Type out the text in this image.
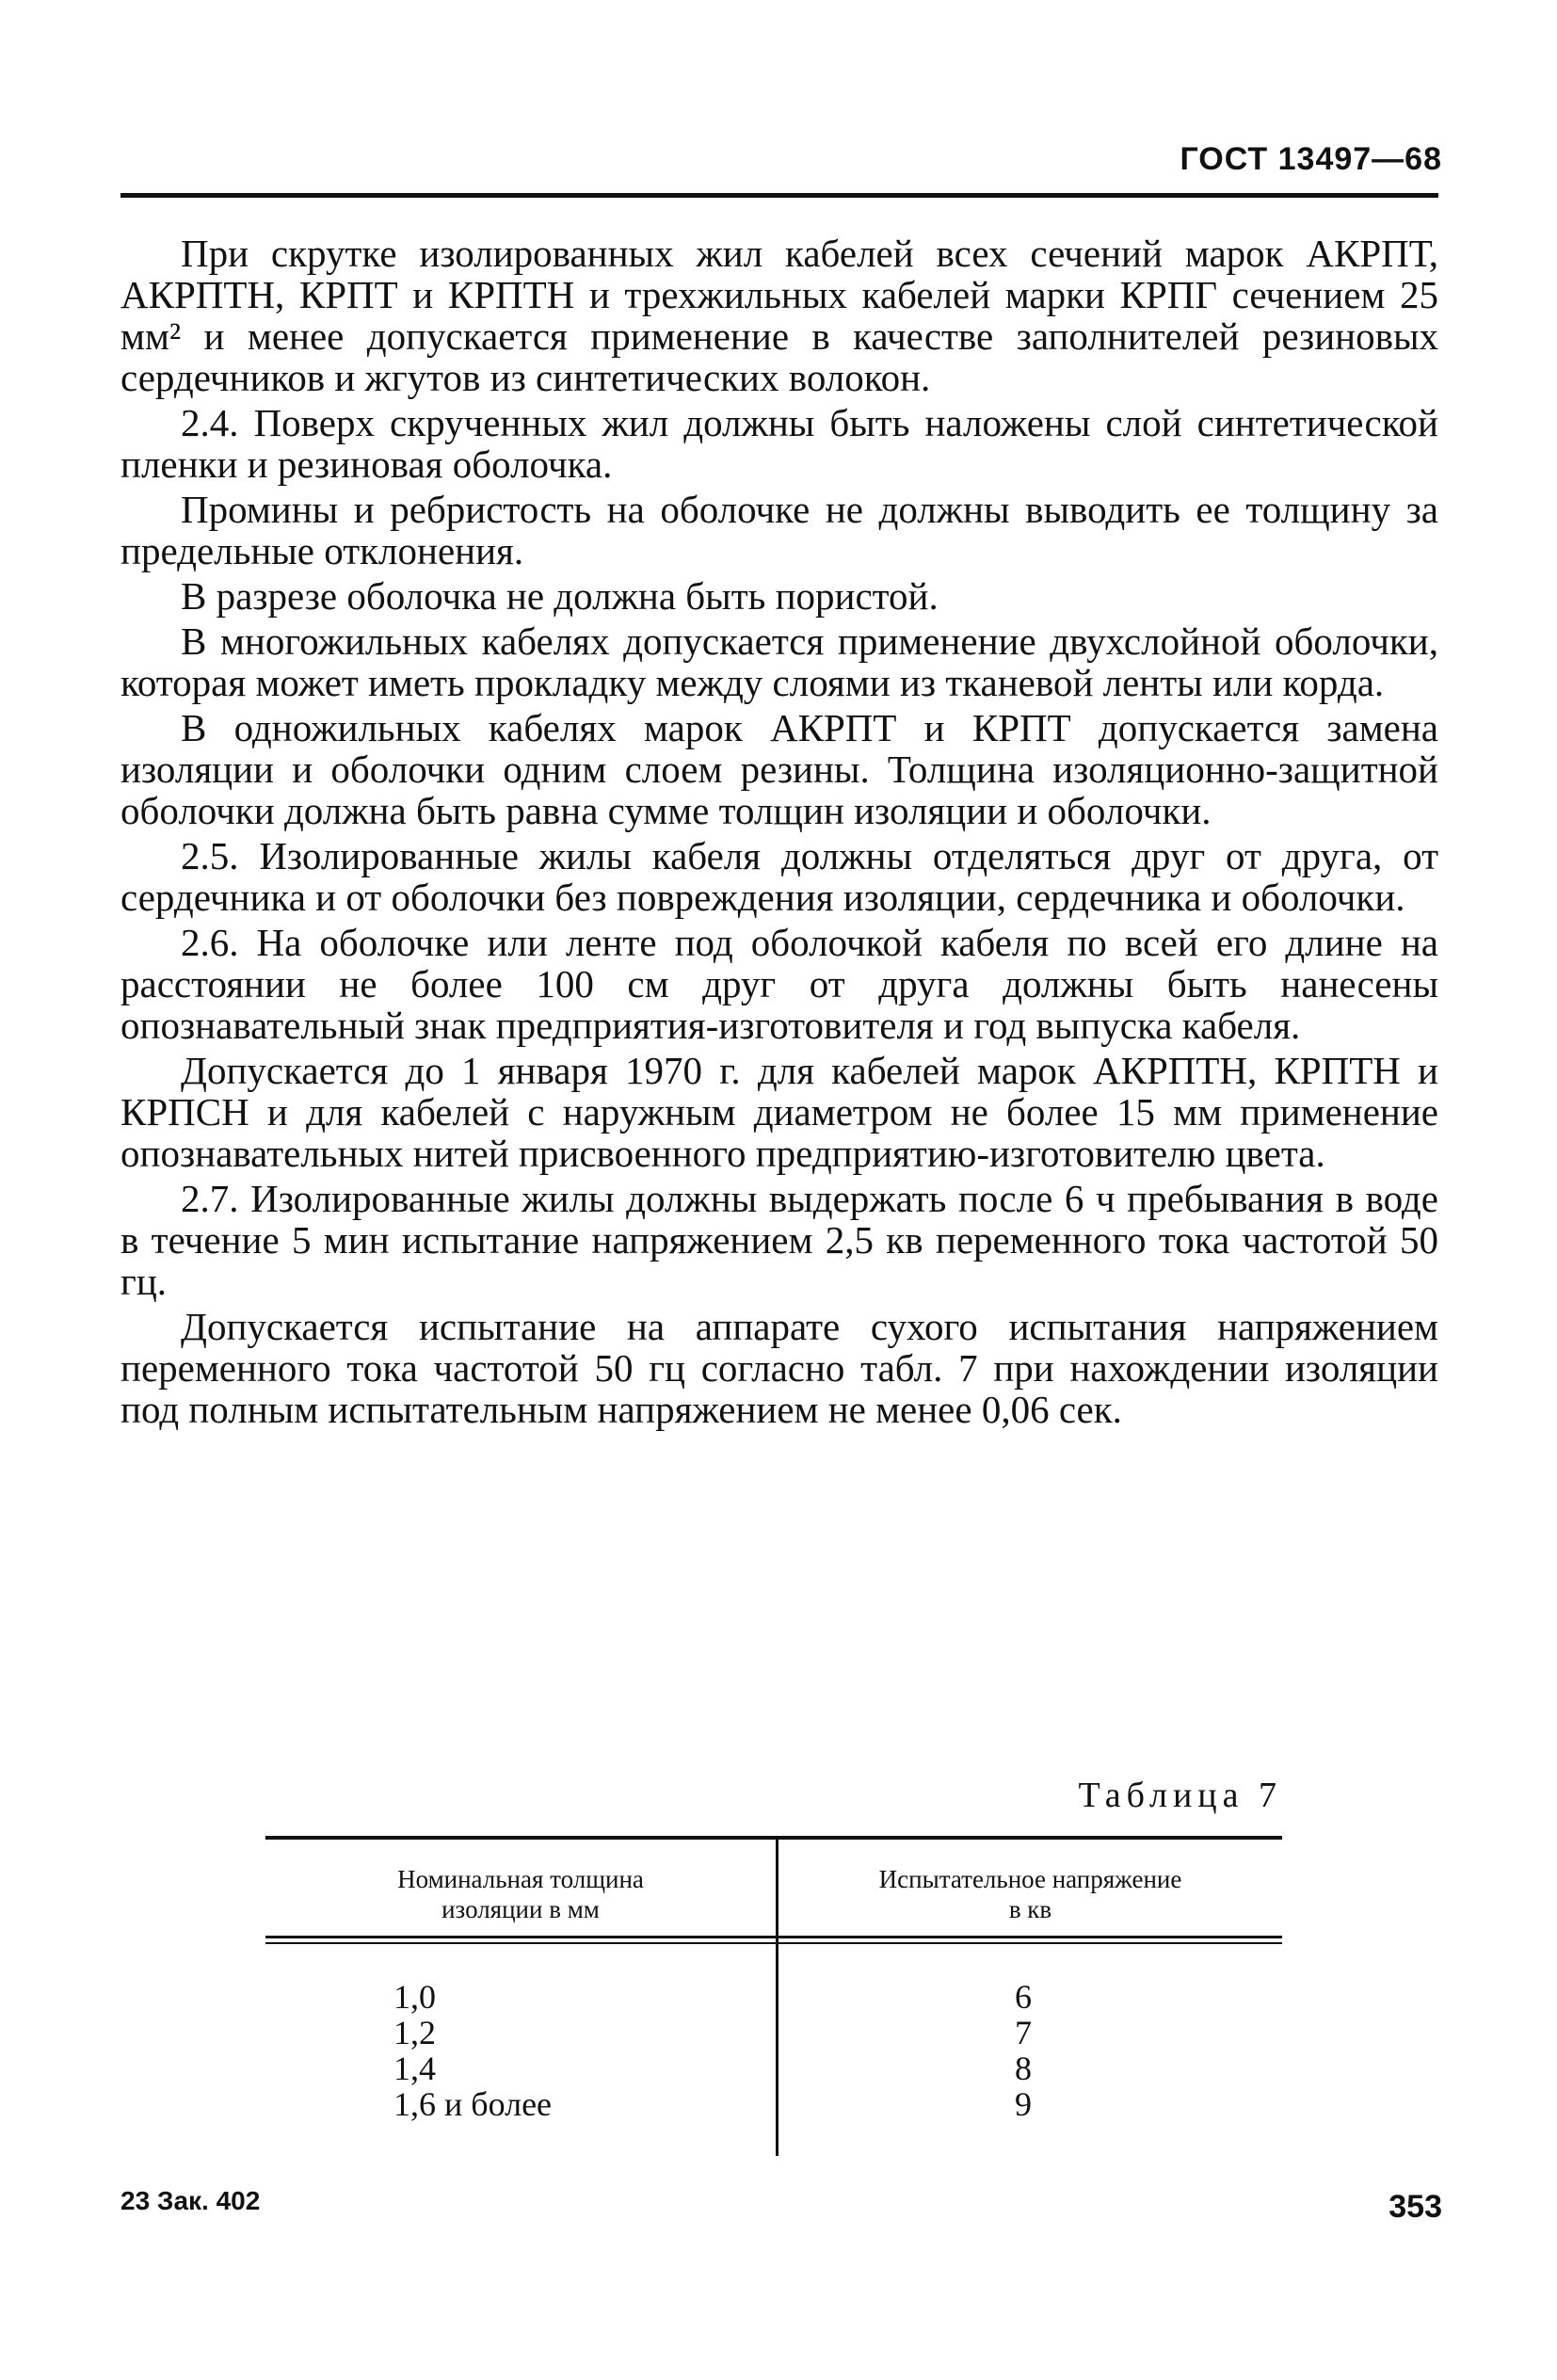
ГОСТ 13497—68

При скрутке изолированных жил кабелей всех сечений марок АКРПТ, АКРПТН, КРПТ и КРПТН и трехжильных кабелей марки КРПГ сечением 25 мм² и менее допускается применение в качестве заполнителей резиновых сердечников и жгутов из синтетических волокон.

2.4. Поверх скрученных жил должны быть наложены слой синтетической пленки и резиновая оболочка.

Промины и ребристость на оболочке не должны выводить ее толщину за предельные отклонения.

В разрезе оболочка не должна быть пористой.

В многожильных кабелях допускается применение двухслойной оболочки, которая может иметь прокладку между слоями из тканевой ленты или корда.

В одножильных кабелях марок АКРПТ и КРПТ допускается замена изоляции и оболочки одним слоем резины. Толщина изоляционно-защитной оболочки должна быть равна сумме толщин изоляции и оболочки.

2.5. Изолированные жилы кабеля должны отделяться друг от друга, от сердечника и от оболочки без повреждения изоляции, сердечника и оболочки.

2.6. На оболочке или ленте под оболочкой кабеля по всей его длине на расстоянии не более 100 см друг от друга должны быть нанесены опознавательный знак предприятия-изготовителя и год выпуска кабеля.

Допускается до 1 января 1970 г. для кабелей марок АКРПТН, КРПТН и КРПСН и для кабелей с наружным диаметром не более 15 мм применение опознавательных нитей присвоенного предприятию-изготовителю цвета.

2.7. Изолированные жилы должны выдержать после 6 ч пребывания в воде в течение 5 мин испытание напряжением 2,5 кв переменного тока частотой 50 гц.

Допускается испытание на аппарате сухого испытания напряжением переменного тока частотой 50 гц согласно табл. 7 при нахождении изоляции под полным испытательным напряжением не менее 0,06 сек.

Таблица 7
Номинальная толщина
изоляции в мм
Испытательное напряжение
в кв
1,0
1,2
1,4
1,6 и более
6
7
8
9
23 Зак. 402	353
